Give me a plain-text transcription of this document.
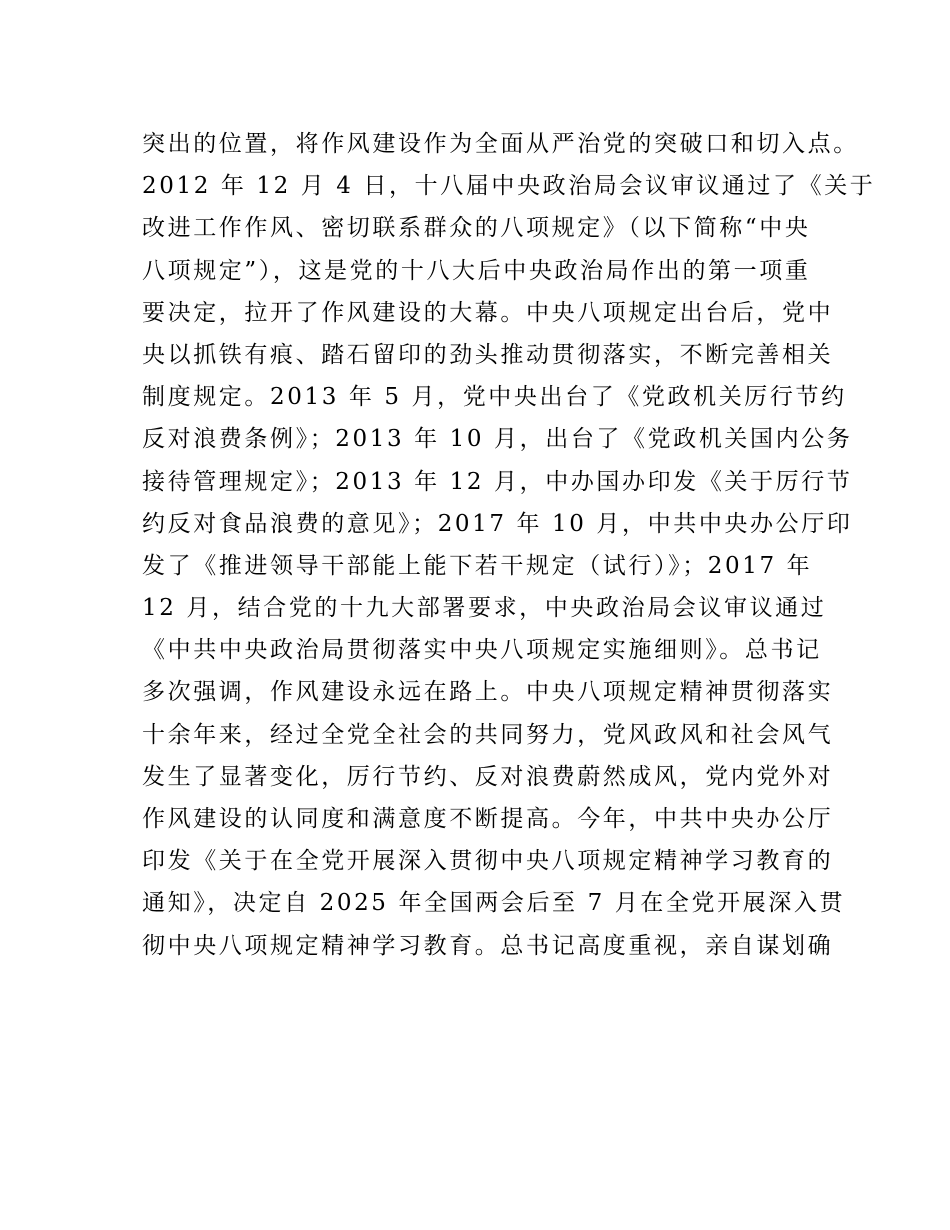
突出的位置，将作风建设作为全面从严治党的突破口和切入点。
2012 年 12 月 4 日，十八届中央政治局会议审议通过了《关于
改进工作作风、密切联系群众的八项规定》（以下简称“中央
八项规定”），这是党的十八大后中央政治局作出的第一项重
要决定，拉开了作风建设的大幕。中央八项规定出台后，党中
央以抓铁有痕、踏石留印的劲头推动贯彻落实，不断完善相关
制度规定。2013 年 5 月，党中央出台了《党政机关厉行节约
反对浪费条例》；2013 年 10 月，出台了《党政机关国内公务
接待管理规定》；2013 年 12 月，中办国办印发《关于厉行节
约反对食品浪费的意见》；2017 年 10 月，中共中央办公厅印
发了《推进领导干部能上能下若干规定（试行）》；2017 年
12 月，结合党的十九大部署要求，中央政治局会议审议通过
《中共中央政治局贯彻落实中央八项规定实施细则》。总书记
多次强调，作风建设永远在路上。中央八项规定精神贯彻落实
十余年来，经过全党全社会的共同努力，党风政风和社会风气
发生了显著变化，厉行节约、反对浪费蔚然成风，党内党外对
作风建设的认同度和满意度不断提高。今年，中共中央办公厅
印发《关于在全党开展深入贯彻中央八项规定精神学习教育的
通知》，决定自 2025 年全国两会后至 7 月在全党开展深入贯
彻中央八项规定精神学习教育。总书记高度重视，亲自谋划确
